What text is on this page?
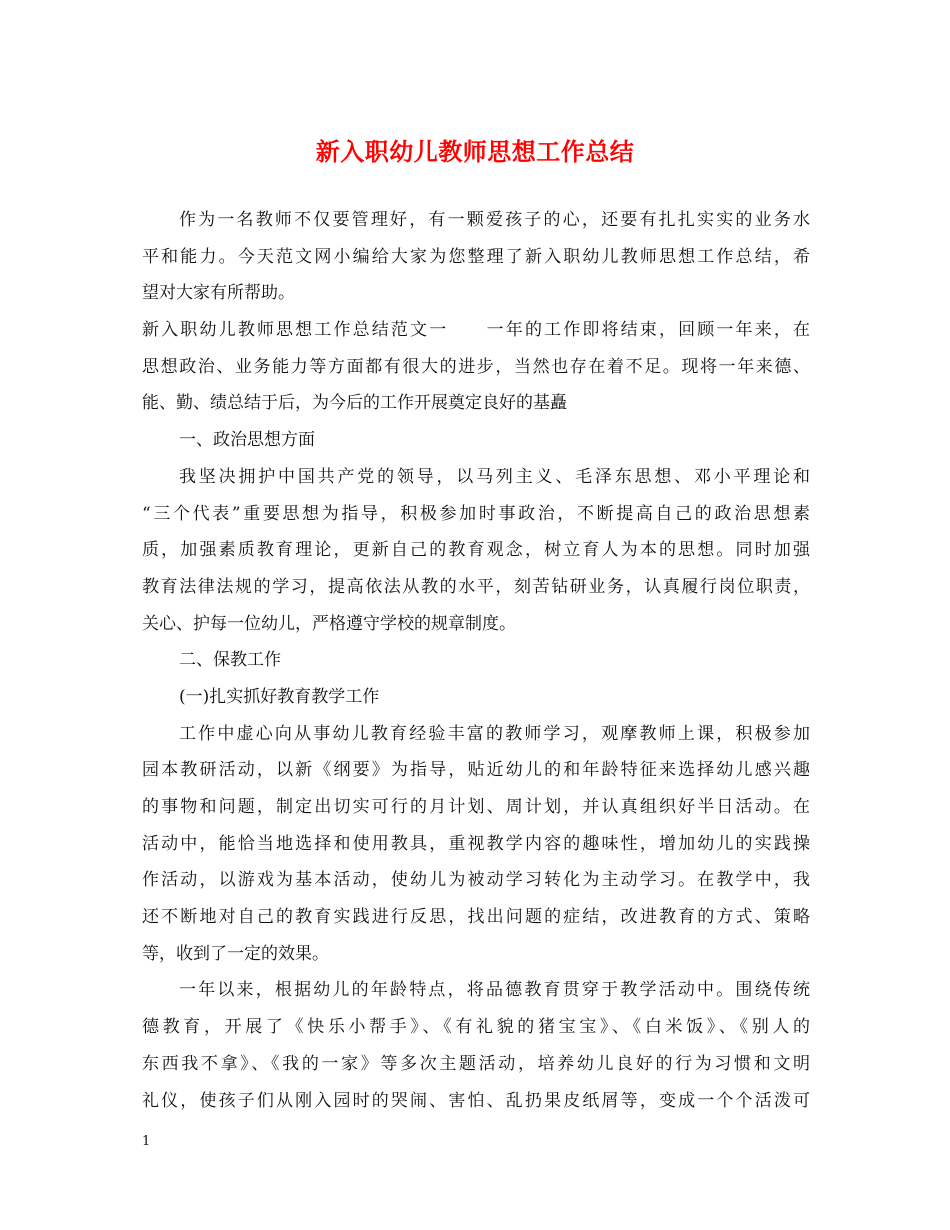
新入职幼儿教师思想工作总结
作为一名教师不仅要管理好，有一颗爱孩子的心，还要有扎扎实实的业务水
平和能力。今天范文网小编给大家为您整理了新入职幼儿教师思想工作总结，希
望对大家有所帮助。
新入职幼儿教师思想工作总结范文一　　一年的工作即将结束，回顾一年来，在
思想政治、业务能力等方面都有很大的进步，当然也存在着不足。现将一年来德、
能、勤、绩总结于后，为今后的工作开展奠定良好的基矗
一、政治思想方面
我坚决拥护中国共产党的领导，以马列主义、毛泽东思想、邓小平理论和
“三个代表”重要思想为指导，积极参加时事政治，不断提高自己的政治思想素
质，加强素质教育理论，更新自己的教育观念，树立育人为本的思想。同时加强
教育法律法规的学习，提高依法从教的水平，刻苦钻研业务，认真履行岗位职责，
关心、护每一位幼儿，严格遵守学校的规章制度。
二、保教工作
(一)扎实抓好教育教学工作
工作中虚心向从事幼儿教育经验丰富的教师学习，观摩教师上课，积极参加
园本教研活动，以新《纲要》为指导，贴近幼儿的和年龄特征来选择幼儿感兴趣
的事物和问题，制定出切实可行的月计划、周计划，并认真组织好半日活动。在
活动中，能恰当地选择和使用教具，重视教学内容的趣味性，增加幼儿的实践操
作活动，以游戏为基本活动，使幼儿为被动学习转化为主动学习。在教学中，我
还不断地对自己的教育实践进行反思，找出问题的症结，改进教育的方式、策略
等，收到了一定的效果。
一年以来，根据幼儿的年龄特点，将品德教育贯穿于教学活动中。围绕传统
德教育，开展了《快乐小帮手》、《有礼貌的猪宝宝》、《白米饭》、《别人的
东西我不拿》、《我的一家》等多次主题活动，培养幼儿良好的行为习惯和文明
礼仪，使孩子们从刚入园时的哭闹、害怕、乱扔果皮纸屑等，变成一个个活泼可
1
